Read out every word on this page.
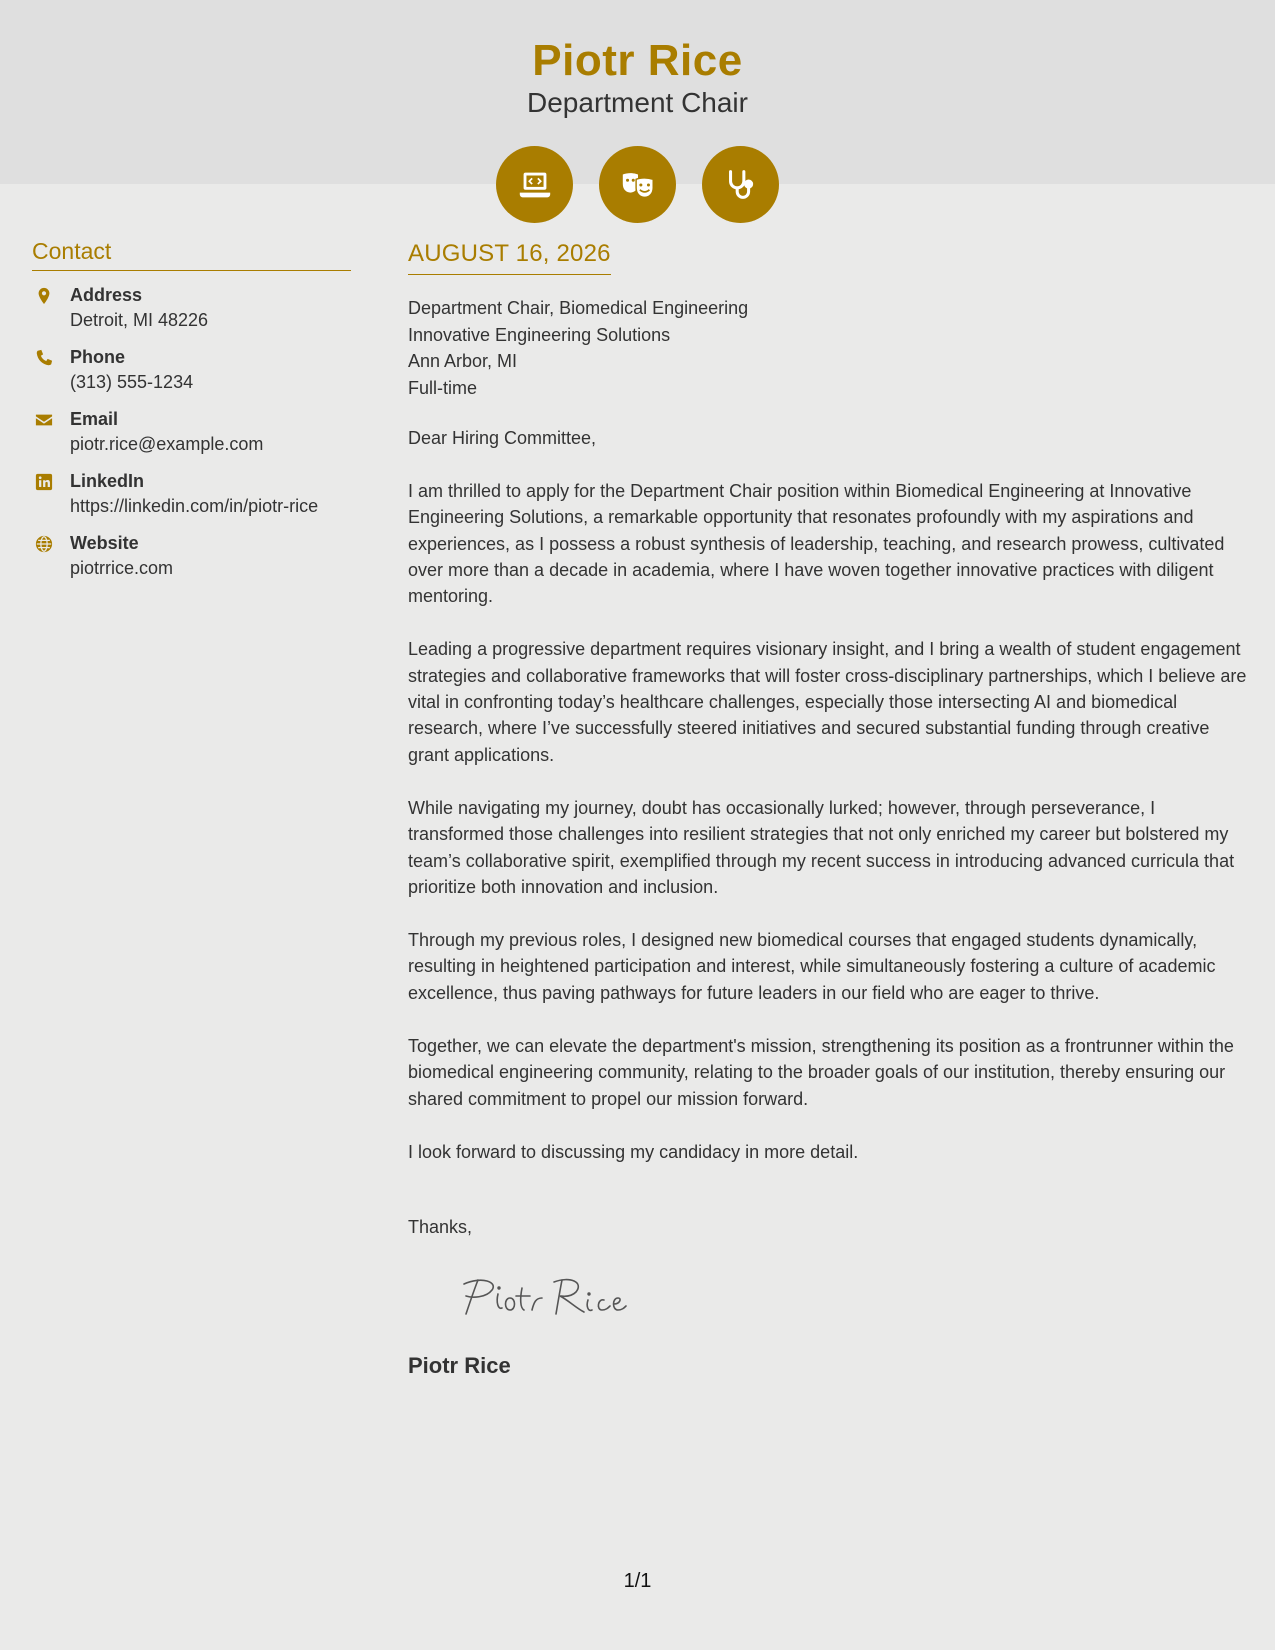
Piotr Rice
Department Chair
Contact
Address
Detroit, MI 48226
Phone
(313) 555-1234
Email
piotr.rice@example.com
LinkedIn
https://linkedin.com/in/piotr-rice
Website
piotrrice.com
AUGUST 16, 2026
Department Chair, Biomedical Engineering
Innovative Engineering Solutions
Ann Arbor, MI
Full-time
Dear Hiring Committee,
I am thrilled to apply for the Department Chair position within Biomedical Engineering at Innovative Engineering Solutions, a remarkable opportunity that resonates profoundly with my aspirations and experiences, as I possess a robust synthesis of leadership, teaching, and research prowess, cultivated over more than a decade in academia, where I have woven together innovative practices with diligent mentoring.
Leading a progressive department requires visionary insight, and I bring a wealth of student engagement strategies and collaborative frameworks that will foster cross-disciplinary partnerships, which I believe are vital in confronting today’s healthcare challenges, especially those intersecting AI and biomedical research, where I’ve successfully steered initiatives and secured substantial funding through creative grant applications.
While navigating my journey, doubt has occasionally lurked; however, through perseverance, I transformed those challenges into resilient strategies that not only enriched my career but bolstered my team’s collaborative spirit, exemplified through my recent success in introducing advanced curricula that prioritize both innovation and inclusion.
Through my previous roles, I designed new biomedical courses that engaged students dynamically, resulting in heightened participation and interest, while simultaneously fostering a culture of academic excellence, thus paving pathways for future leaders in our field who are eager to thrive.
Together, we can elevate the department's mission, strengthening its position as a frontrunner within the biomedical engineering community, relating to the broader goals of our institution, thereby ensuring our shared commitment to propel our mission forward.
I look forward to discussing my candidacy in more detail.
Thanks,
Piotr Rice
1/1
